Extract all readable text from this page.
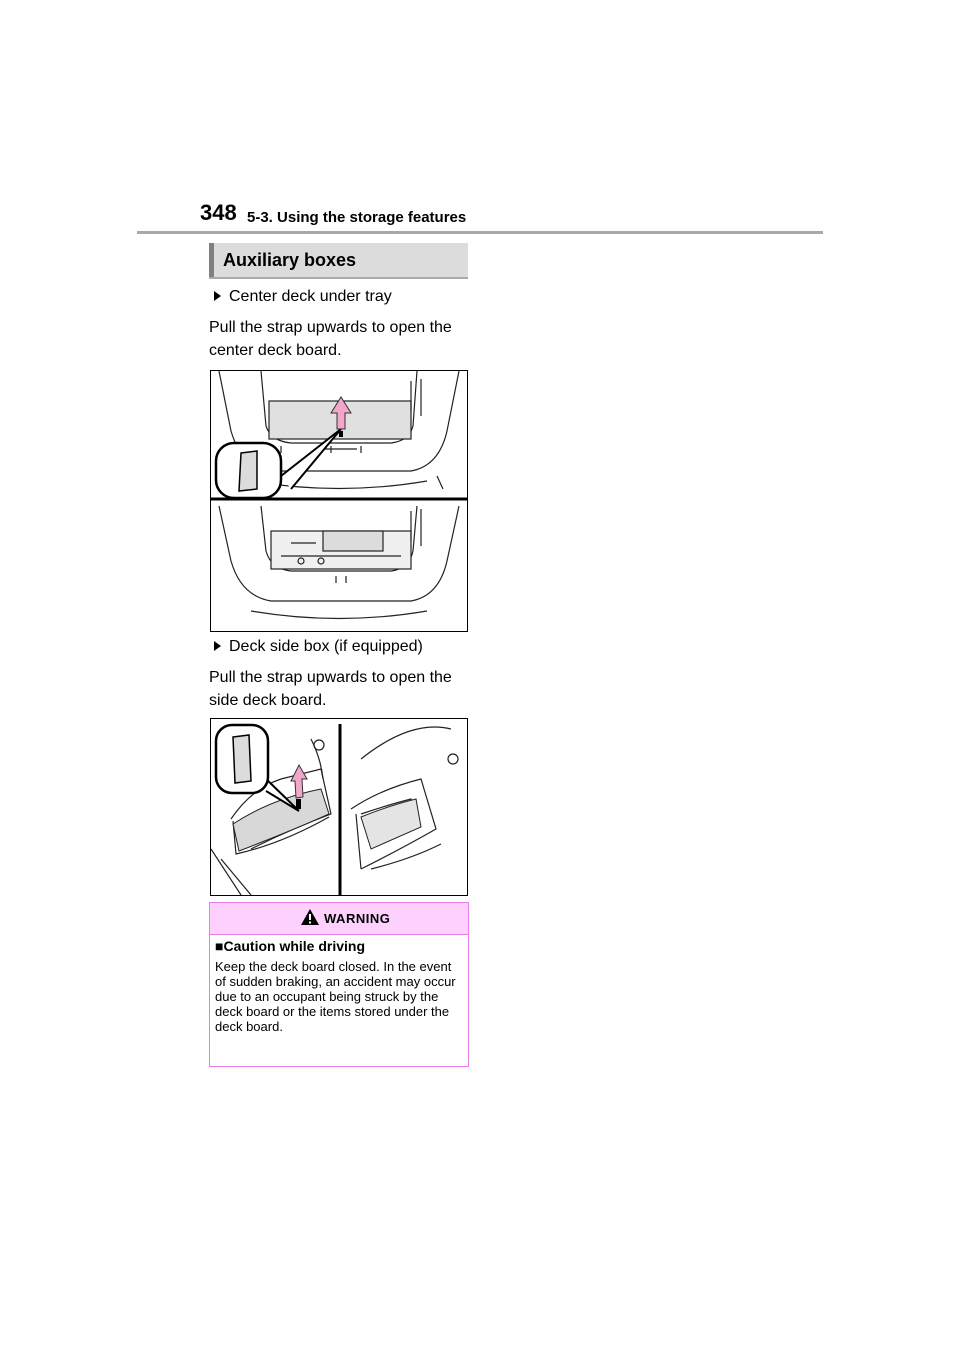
348 5-3. Using the storage features
Auxiliary boxes
Center deck under tray
Pull the strap upwards to open the center deck board.
Deck side box (if equipped)
Pull the strap upwards to open the side deck board.
WARNING
■Caution while driving
Keep the deck board closed. In the event of sudden braking, an accident may occur due to an occupant being struck by the deck board or the items stored under the deck board.
